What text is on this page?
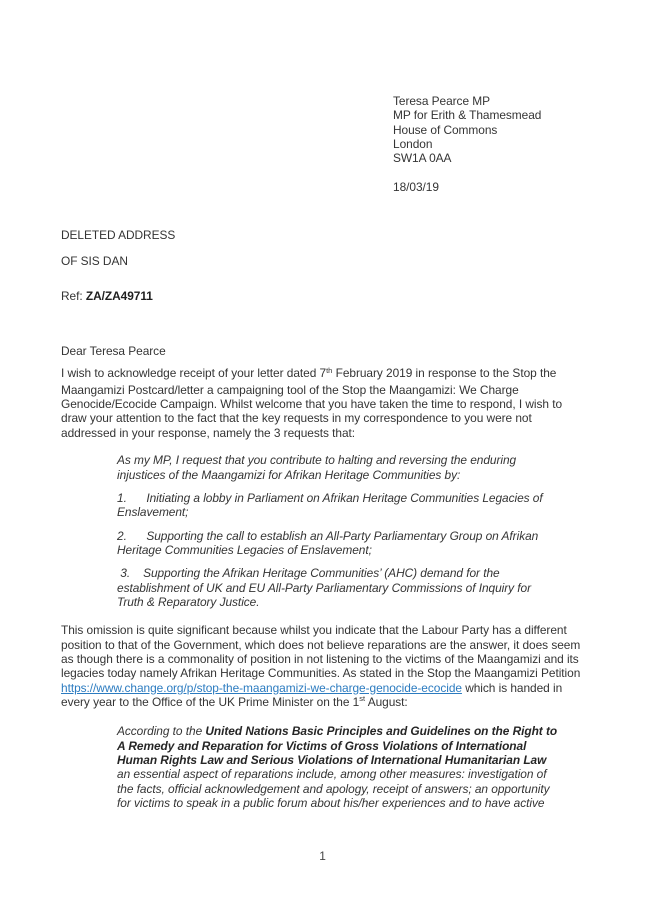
Teresa Pearce MP
MP for Erith & Thamesmead
House of Commons
London
SW1A 0AA
18/03/19
DELETED ADDRESS
OF SIS DAN
Ref: ZA/ZA49711
Dear Teresa Pearce

I wish to acknowledge receipt of your letter dated 7th February 2019 in response to the Stop the Maangamizi Postcard/letter a campaigning tool of the Stop the Maangamizi: We Charge Genocide/Ecocide Campaign. Whilst welcome that you have taken the time to respond, I wish to draw your attention to the fact that the key requests in my correspondence to you were not addressed in your response, namely the 3 requests that:

As my MP, I request that you contribute to halting and reversing the enduring injustices of the Maangamizi for Afrikan Heritage Communities by:

1.      Initiating a lobby in Parliament on Afrikan Heritage Communities Legacies of Enslavement;

2.      Supporting the call to establish an All-Party Parliamentary Group on Afrikan Heritage Communities Legacies of Enslavement;

3.    Supporting the Afrikan Heritage Communities’ (AHC) demand for the establishment of UK and EU All-Party Parliamentary Commissions of Inquiry for Truth & Reparatory Justice.

This omission is quite significant because whilst you indicate that the Labour Party has a different position to that of the Government, which does not believe reparations are the answer, it does seem as though there is a commonality of position in not listening to the victims of the Maangamizi and its legacies today namely Afrikan Heritage Communities. As stated in the Stop the Maangamizi Petition https://www.change.org/p/stop-the-maangamizi-we-charge-genocide-ecocide which is handed in every year to the Office of the UK Prime Minister on the 1st August:

According to the United Nations Basic Principles and Guidelines on the Right to A Remedy and Reparation for Victims of Gross Violations of International Human Rights Law and Serious Violations of International Humanitarian Law an essential aspect of reparations include, among other measures: investigation of the facts, official acknowledgement and apology, receipt of answers; an opportunity for victims to speak in a public forum about his/her experiences and to have active
1
